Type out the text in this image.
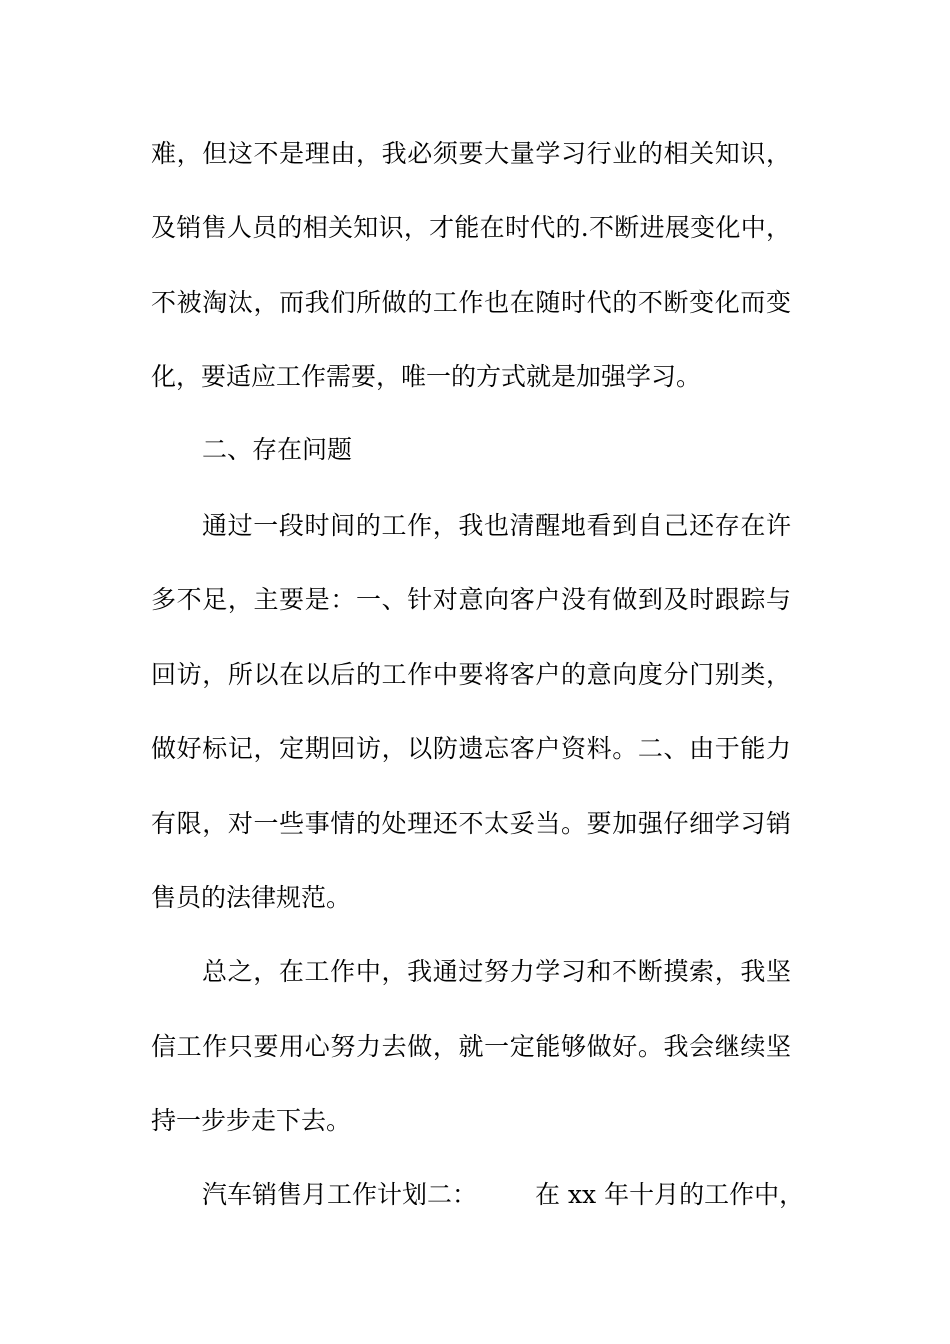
难，但这不是理由，我必须要大量学习行业的相关知识，
及销售人员的相关知识，才能在时代的.不断进展变化中，
不被淘汰，而我们所做的工作也在随时代的不断变化而变
化，要适应工作需要，唯一的方式就是加强学习。
二、存在问题
通过一段时间的工作，我也清醒地看到自己还存在许
多不足，主要是：一、针对意向客户没有做到及时跟踪与
回访，所以在以后的工作中要将客户的意向度分门别类，
做好标记，定期回访，以防遗忘客户资料。二、由于能力
有限，对一些事情的处理还不太妥当。要加强仔细学习销
售员的法律规范。
总之，在工作中，我通过努力学习和不断摸索，我坚
信工作只要用心努力去做，就一定能够做好。我会继续坚
持一步步走下去。
汽车销售月工作计划二：	在 xx 年十月的工作中，
